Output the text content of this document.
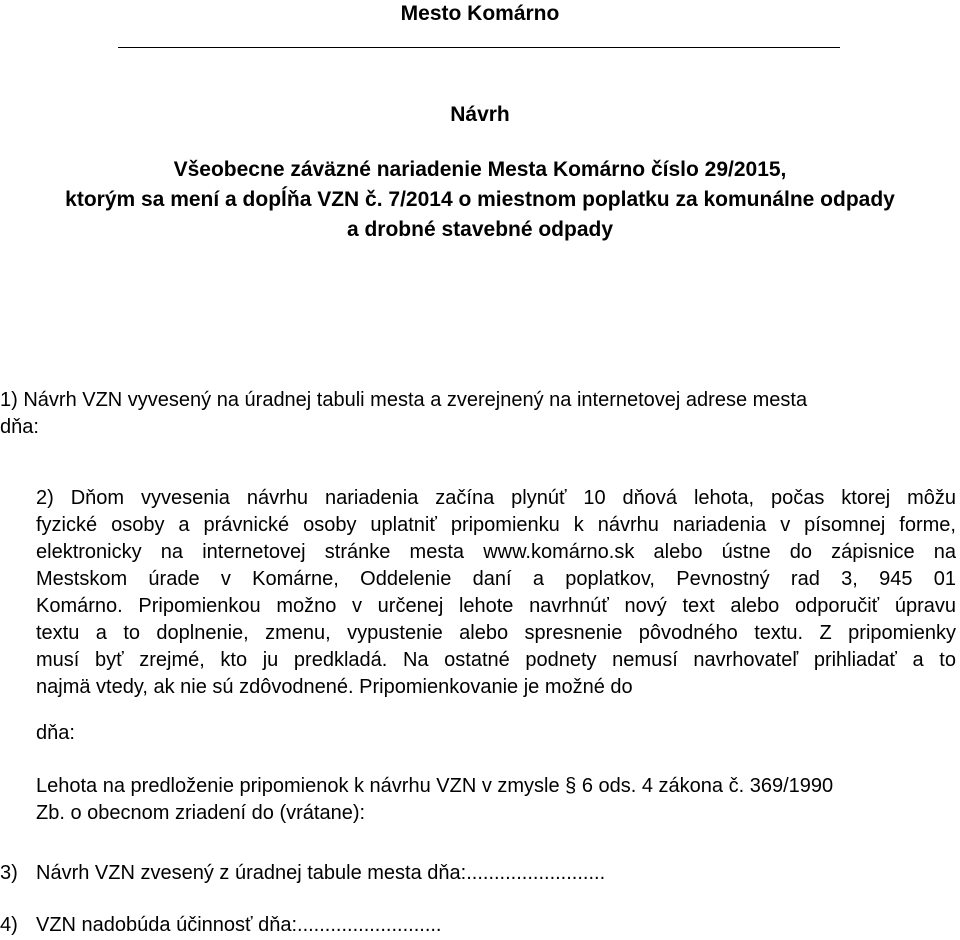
Mesto Komárno
Návrh
Všeobecne záväzné nariadenie Mesta Komárno číslo 29/2015,
ktorým sa mení a dopĺňa VZN č. 7/2014 o miestnom poplatku za komunálne odpady
a drobné stavebné odpady
1) Návrh VZN vyvesený na úradnej tabuli mesta a zverejnený na internetovej adrese mesta
dňa:
2) Dňom vyvesenia návrhu nariadenia začína plynúť 10 dňová lehota, počas ktorej môžu
fyzické osoby a právnické osoby uplatniť pripomienku k návrhu nariadenia v písomnej forme,
elektronicky na internetovej stránke mesta www.komárno.sk alebo ústne do zápisnice na
Mestskom úrade v Komárne, Oddelenie daní a poplatkov, Pevnostný rad 3, 945 01
Komárno. Pripomienkou možno v určenej lehote navrhnúť nový text alebo odporučiť úpravu
textu a to doplnenie, zmenu, vypustenie alebo spresnenie pôvodného textu. Z pripomienky
musí byť zrejmé, kto ju predkladá. Na ostatné podnety nemusí navrhovateľ prihliadať a to
najmä vtedy, ak nie sú zdôvodnené. Pripomienkovanie je možné do
dňa:
Lehota na predloženie pripomienok k návrhu VZN v zmysle § 6 ods. 4 zákona č. 369/1990
Zb. o obecnom zriadení do (vrátane):
3) Návrh VZN zvesený z úradnej tabule mesta dňa:.........................
4) VZN nadobúda účinnosť dňa:..........................
